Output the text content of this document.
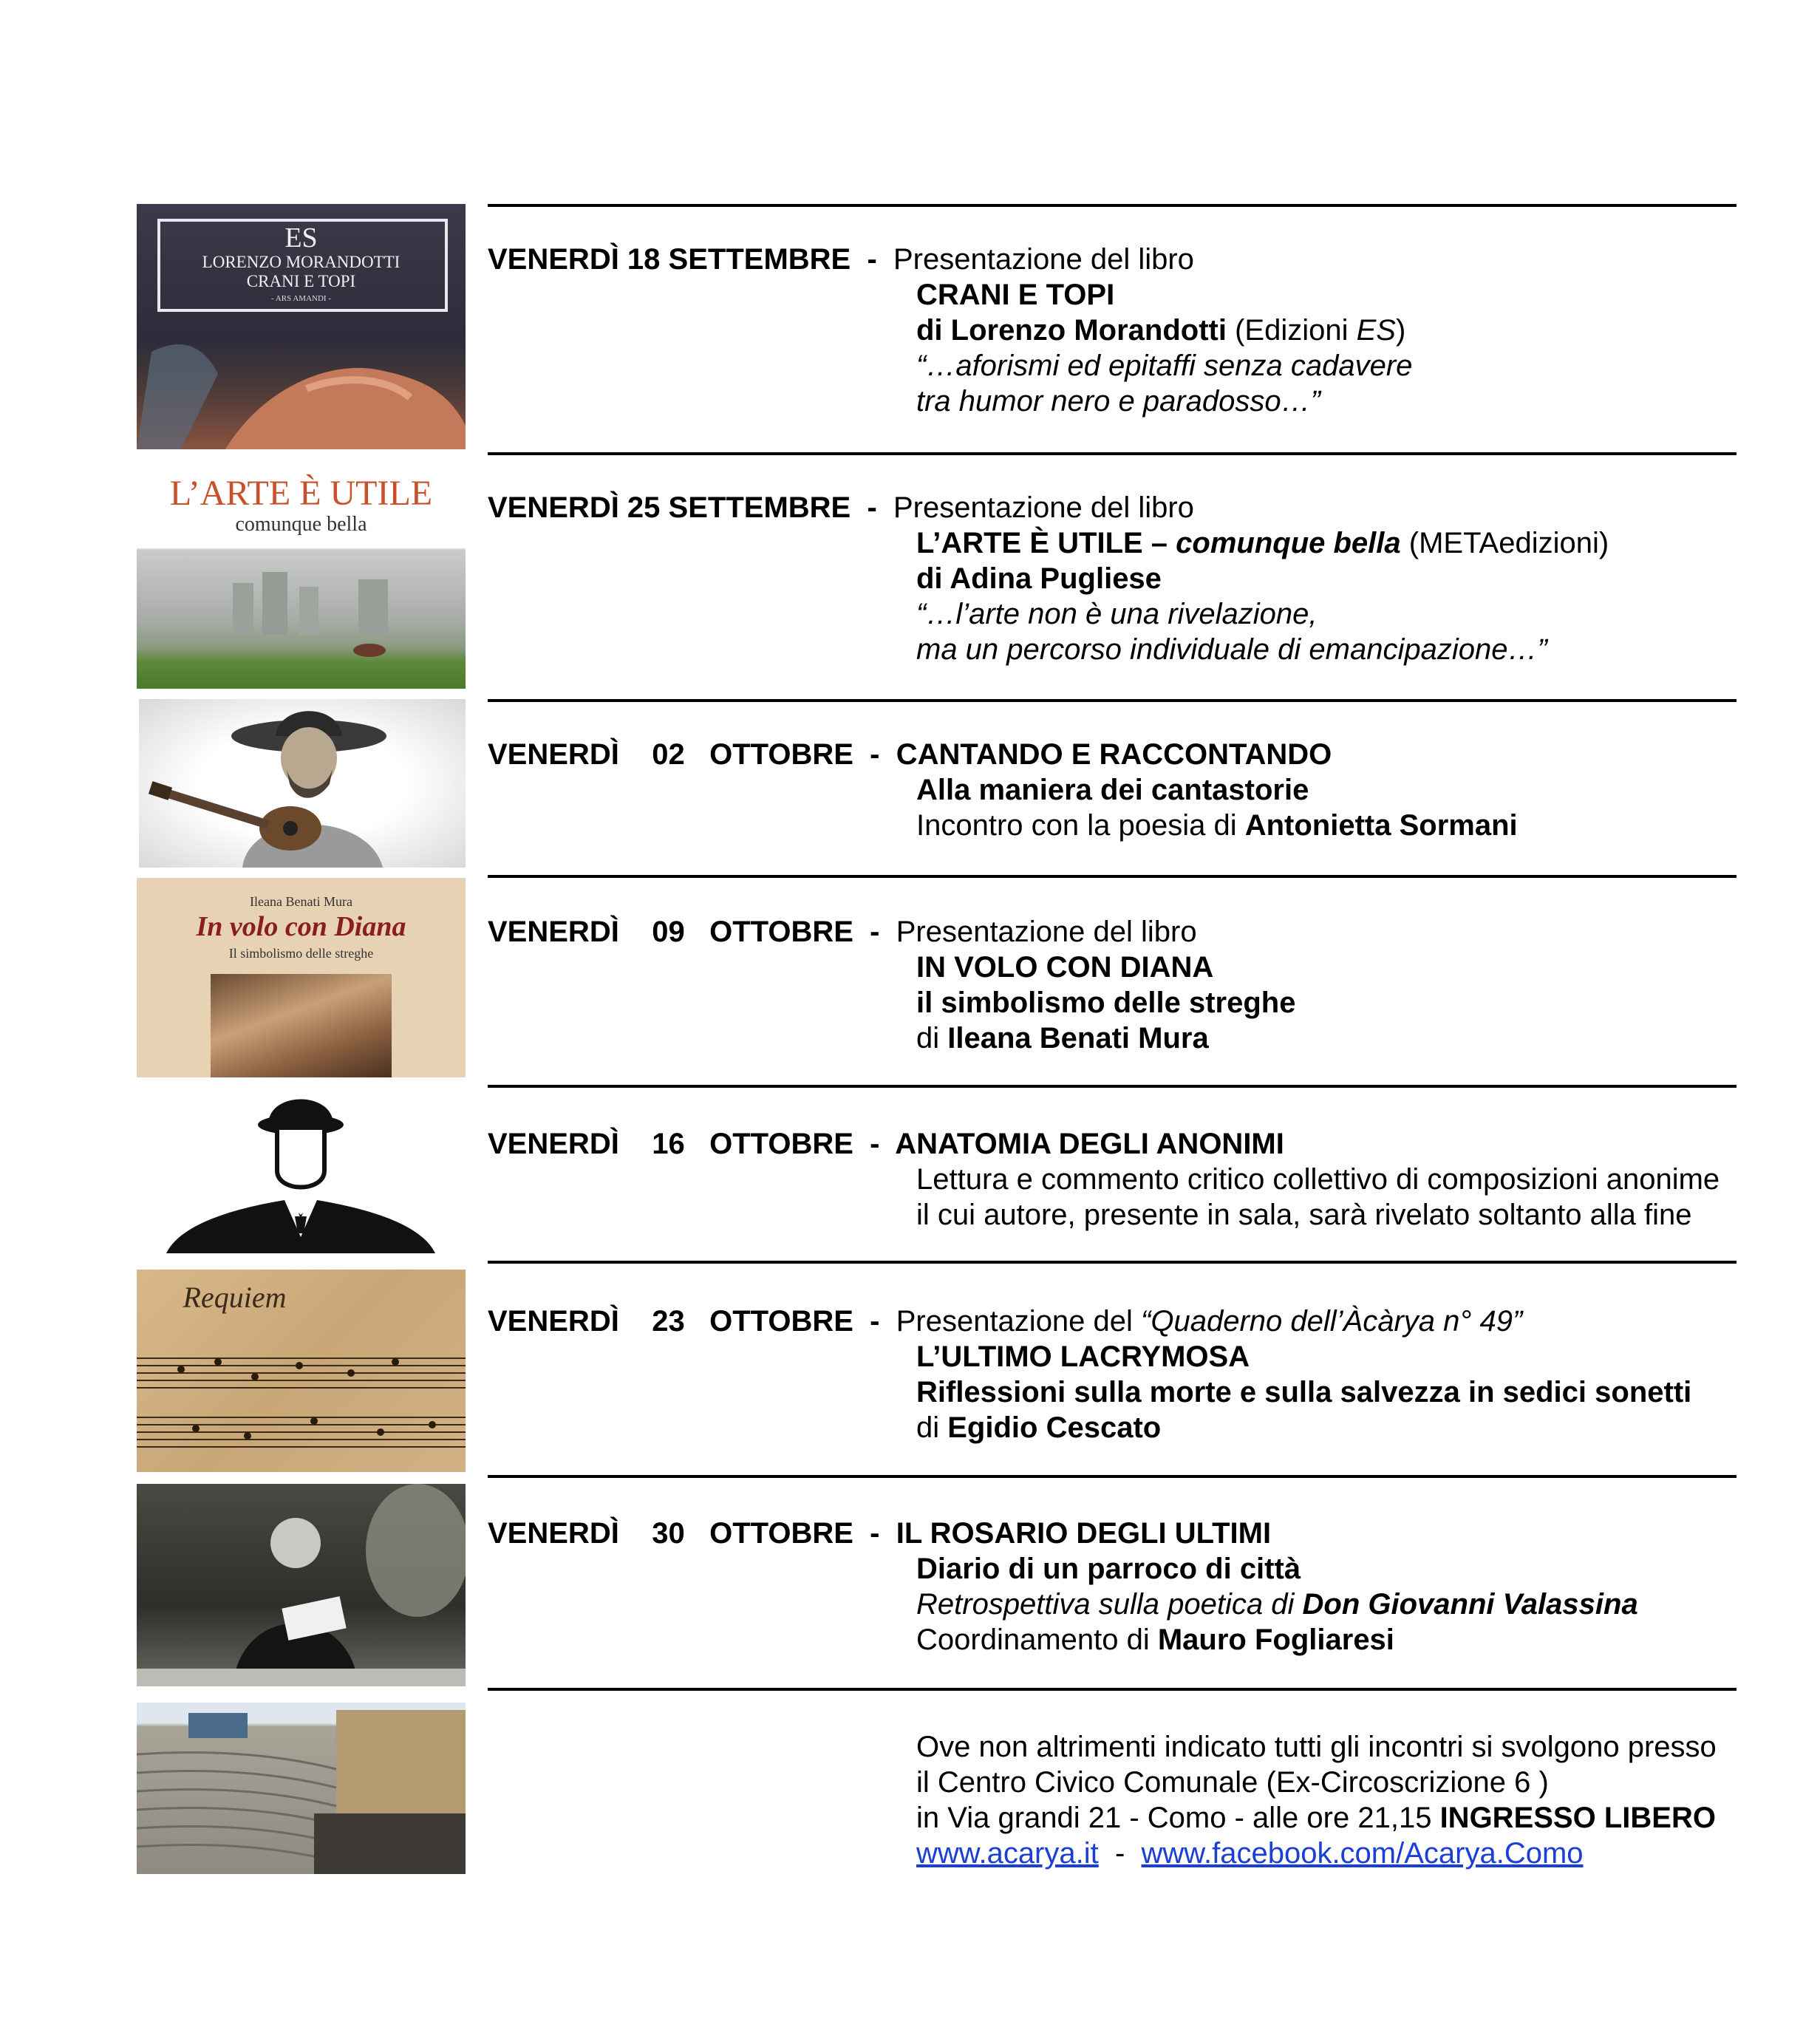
ES
LORENZO MORANDOTTI
CRANI E TOPI
- ARS AMANDI -
L’ARTE È UTILE
comunque bella
Ileana Benati Mura
In volo con Diana
Il simbolismo delle streghe
Requiem
VENERDÌ 18 SETTEMBRE  -  Presentazione del libro
CRANI E TOPI
di Lorenzo Morandotti (Edizioni ES)
“…aforismi ed epitaffi senza cadavere
tra humor nero e paradosso…”
VENERDÌ 25 SETTEMBRE  -  Presentazione del libro
L’ARTE È UTILE – comunque bella (METAedizioni)
di Adina Pugliese
“…l’arte non è una rivelazione,
ma un percorso individuale di emancipazione…”
VENERDÌ    02   OTTOBRE  -  CANTANDO E RACCONTANDO
Alla maniera dei cantastorie
Incontro con la poesia di Antonietta Sormani
VENERDÌ    09   OTTOBRE  -  Presentazione del libro
IN VOLO CON DIANA
il simbolismo delle streghe
di Ileana Benati Mura
VENERDÌ    16   OTTOBRE  -  ANATOMIA DEGLI ANONIMI
Lettura e commento critico collettivo di composizioni anonime
il cui autore, presente in sala, sarà rivelato soltanto alla fine
VENERDÌ    23   OTTOBRE  -  Presentazione del “Quaderno dell’Àcàrya n° 49”
L’ULTIMO LACRYMOSA
Riflessioni sulla morte e sulla salvezza in sedici sonetti
di Egidio Cescato
VENERDÌ    30   OTTOBRE  -  IL ROSARIO DEGLI ULTIMI
Diario di un parroco di città
Retrospettiva sulla poetica di Don Giovanni Valassina
Coordinamento di Mauro Fogliaresi
Ove non altrimenti indicato tutti gli incontri si svolgono presso
il Centro Civico Comunale (Ex-Circoscrizione 6 )
in Via grandi 21 - Como - alle ore 21,15 INGRESSO LIBERO
www.acarya.it  -  www.facebook.com/Acarya.Como
